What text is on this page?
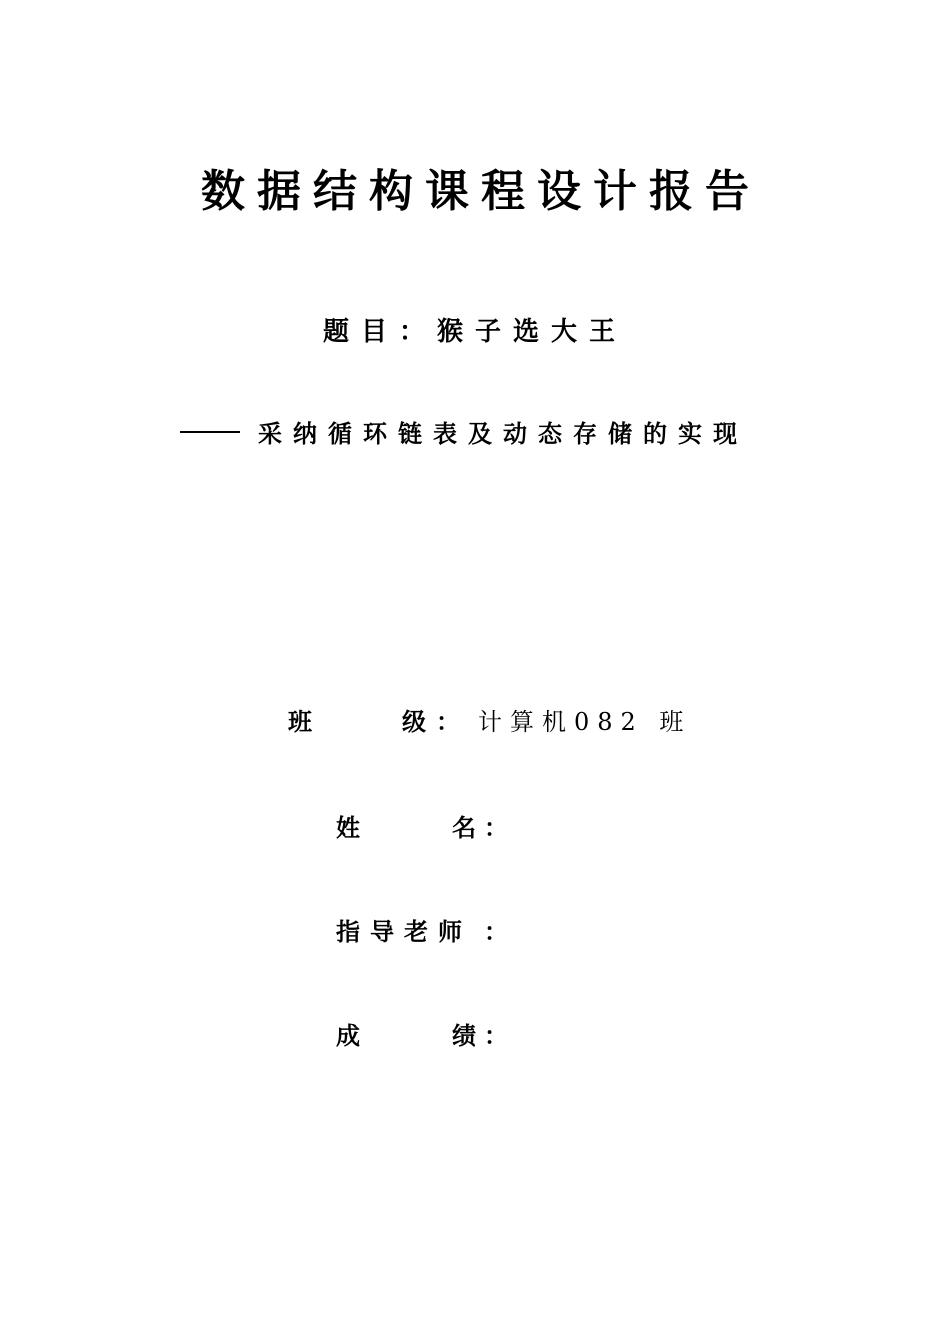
数据结构课程设计报告
题目：猴子选大王
采纳循环链表及动态存储的实现
班	级 ： 计算机082 班
姓	名 ：
指导老师 ：
成	绩 ：
